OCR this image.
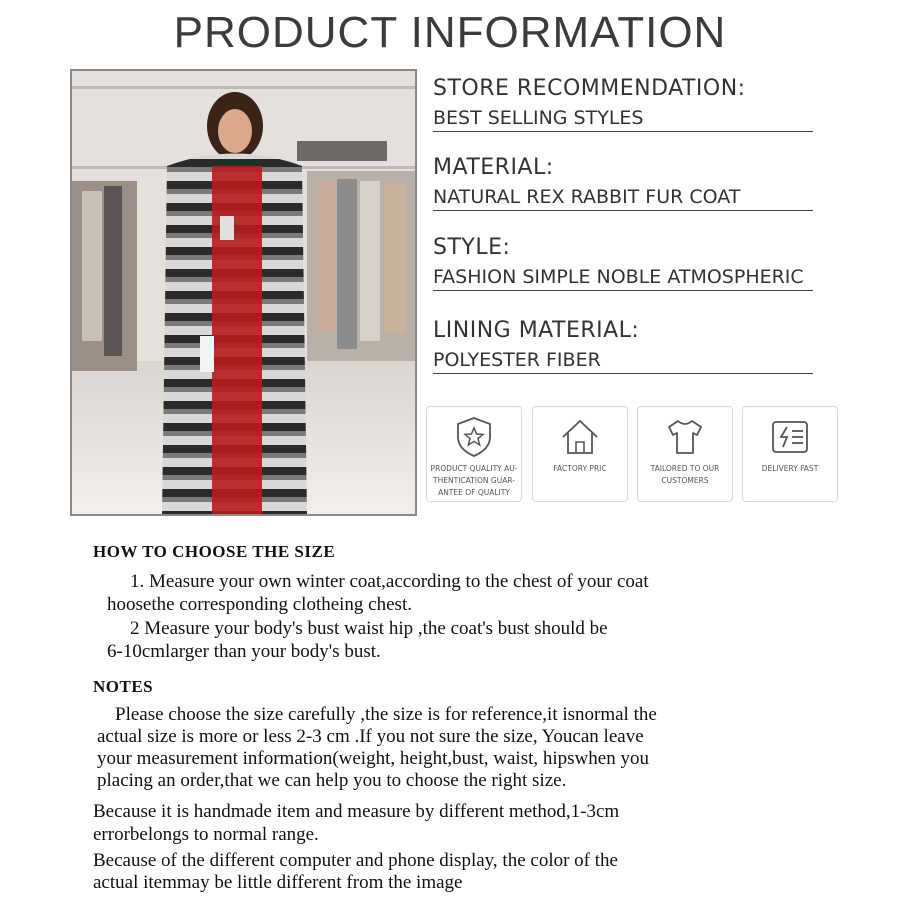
PRODUCT INFORMATION
STORE RECOMMENDATION:
BEST SELLING STYLES
MATERIAL:
NATURAL REX RABBIT FUR COAT
STYLE:
FASHION SIMPLE NOBLE ATMOSPHERIC
LINING MATERIAL:
POLYESTER FIBER
PRODUCT QUALITY AU-THENTICATION GUAR-ANTEE OF QUALITY
FACTORY PRIC	TAILORED TO OUR CUSTOMERS
DELIVERY FAST
HOW TO CHOOSE THE SIZE
1. Measure your own winter coat,according to the chest of your coat
hoosethe corresponding clotheing chest.
2 Measure your body's bust waist hip ,the coat's bust should be
6-10cmlarger than your body's bust.
NOTES
Please choose the size carefully ,the size is for reference,it isnormal the
actual size is more or less 2-3 cm .If you not sure the size, Youcan leave
your measurement information(weight, height,bust, waist, hipswhen you
placing an order,that we can help you to choose the right size.
Because it is handmade item and measure by different method,1-3cm
errorbelongs to normal range.
Because of the different computer and phone display, the color of the
actual itemmay be little different from the image
